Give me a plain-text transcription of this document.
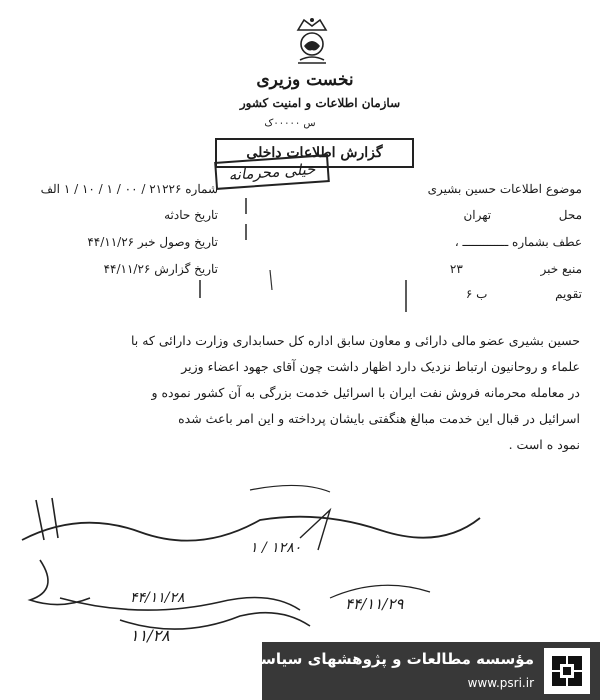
نخست وزیری
سازمان اطلاعات و امنیت کشور
س ۰۰۰۰۰ک
گزارش اطلاعات داخلی
خیلی محرمانه
موضوع اطلاعات حسین بشیری
محل  تهران
عطف بشماره ـــــــــــــ ،
منبع خبر  ۲۳
تقویم  ب ۶
شماره ۲۱۲۲۶ / ۰۰ / ۱ / ۱۰ / ۱ الف
تاریخ حادثه
تاریخ وصول خبر ۴۴/۱۱/۲۶
تاریخ گزارش ۴۴/۱۱/۲۶
حسین بشیری عضو مالی دارائی و معاون سابق اداره کل حسابداری وزارت دارائی که با
علماء و روحانیون ارتباط نزدیک دارد اظهار داشت چون آقای جهود اعضاء وزیر
در معامله محرمانه فروش نفت ایران با اسرائیل خدمت بزرگی به آن کشور نموده و
اسرائیل در قبال این خدمت مبالغ هنگفتی بایشان پرداخته و این امر باعث شده
نمود ه است .
۱۲۸۰ / ۱
۴۴/۱۱/۲۹
۴۴/۱۱/۲۸
۱۱/۲۸
مؤسسه مطالعات و پژوهشهای سیاسی
www.psri.ir
